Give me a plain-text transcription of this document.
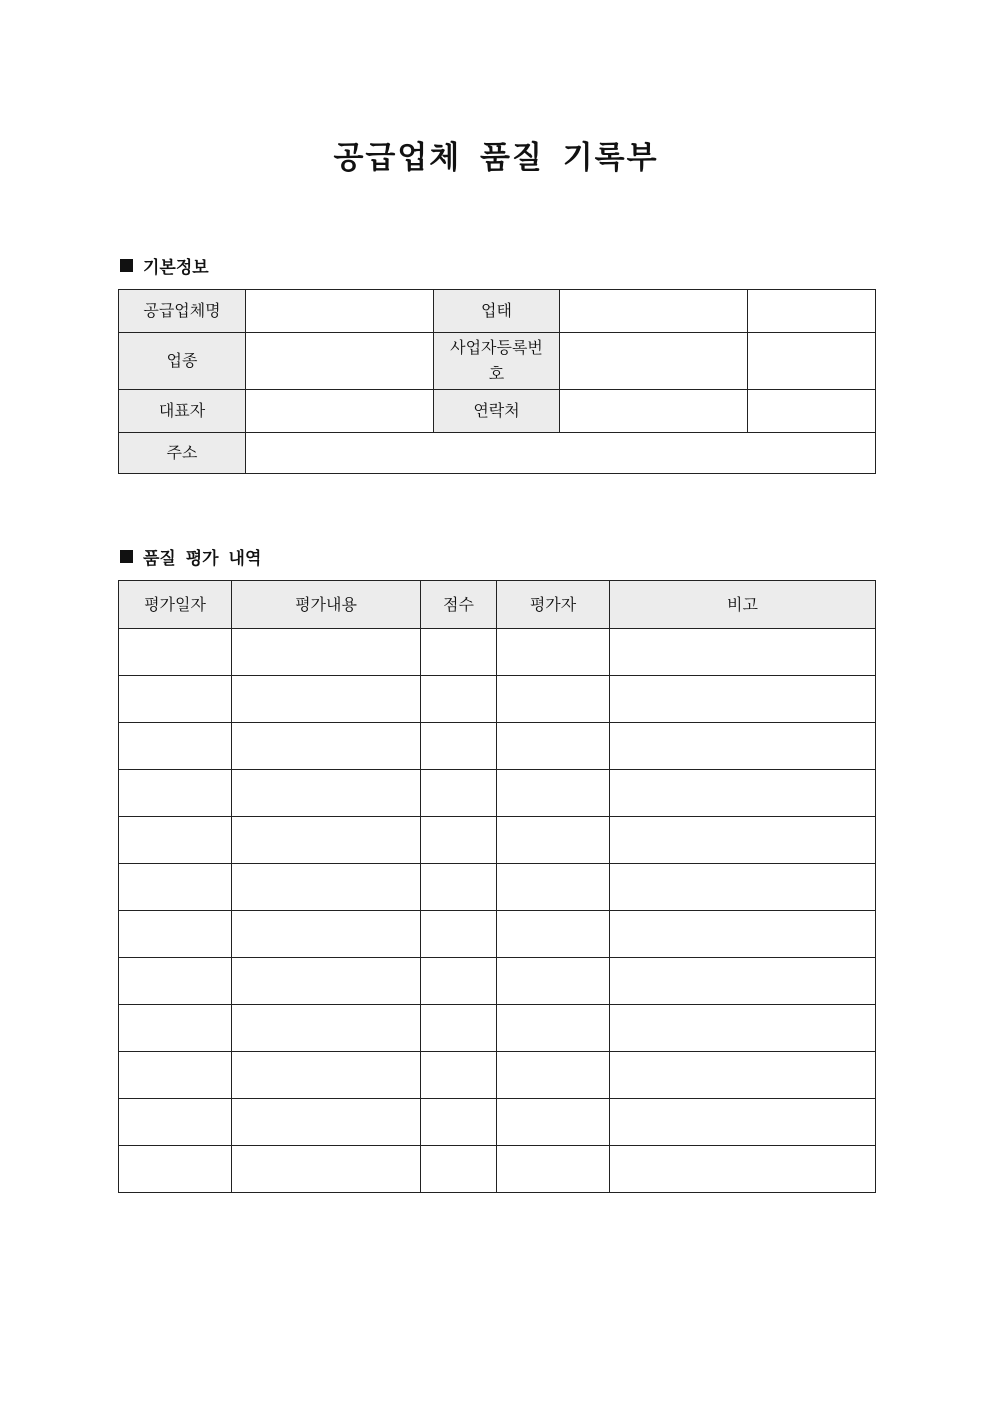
공급업체 품질 기록부
기본정보
공급업체명		업태		
업종		사업자등록번호		
대표자		연락처		
주소				
품질 평가 내역
평가일자	평가내용	점수	평가자	비고
